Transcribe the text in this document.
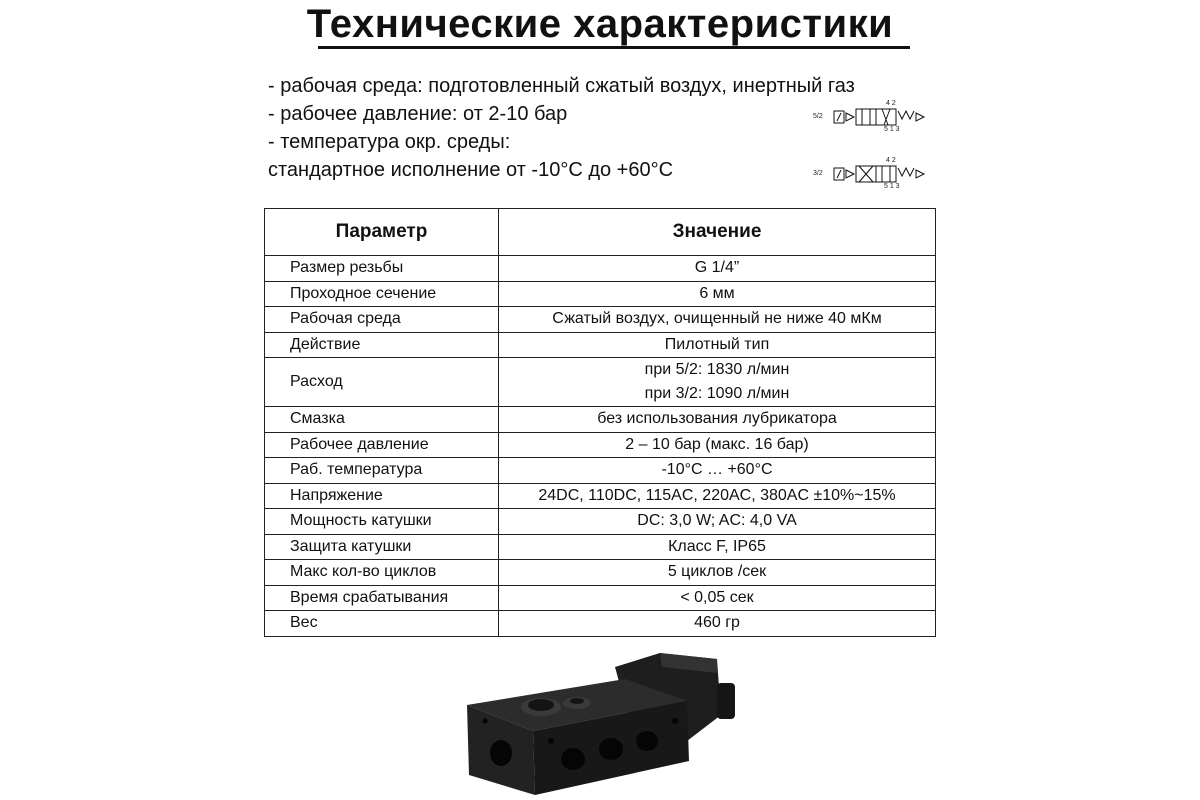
Технические характеристики
- рабочая среда: подготовленный сжатый воздух, инертный газ
- рабочее давление: от 2-10 бар
- температура окр. среды:
стандартное исполнение от -10°C до +60°C
5/2
4 2
5 1 3
3/2
4 2
5 1 3
Параметр	Значение
Размер резьбы	G 1/4”

Проходное сечение	6 мм

Рабочая среда	Сжатый воздух, очищенный не ниже 40 мКм

Действие	Пилотный тип

Расход	при 5/2: 1830 л/мин
при 3/2: 1090 л/мин

Смазка	без использования лубрикатора

Рабочее давление	2 – 10 бар (макс. 16 бар)

Раб. температура	-10°C … +60°C

Напряжение	24DC, 110DC, 115AC, 220AC, 380AC ±10%~15%

Мощность катушки	DC: 3,0 W; AC: 4,0 VA

Защита катушки	Класс F, IP65

Макс кол-во циклов	5 циклов /сек

Время срабатывания	< 0,05 сек

Вес	460 гр
